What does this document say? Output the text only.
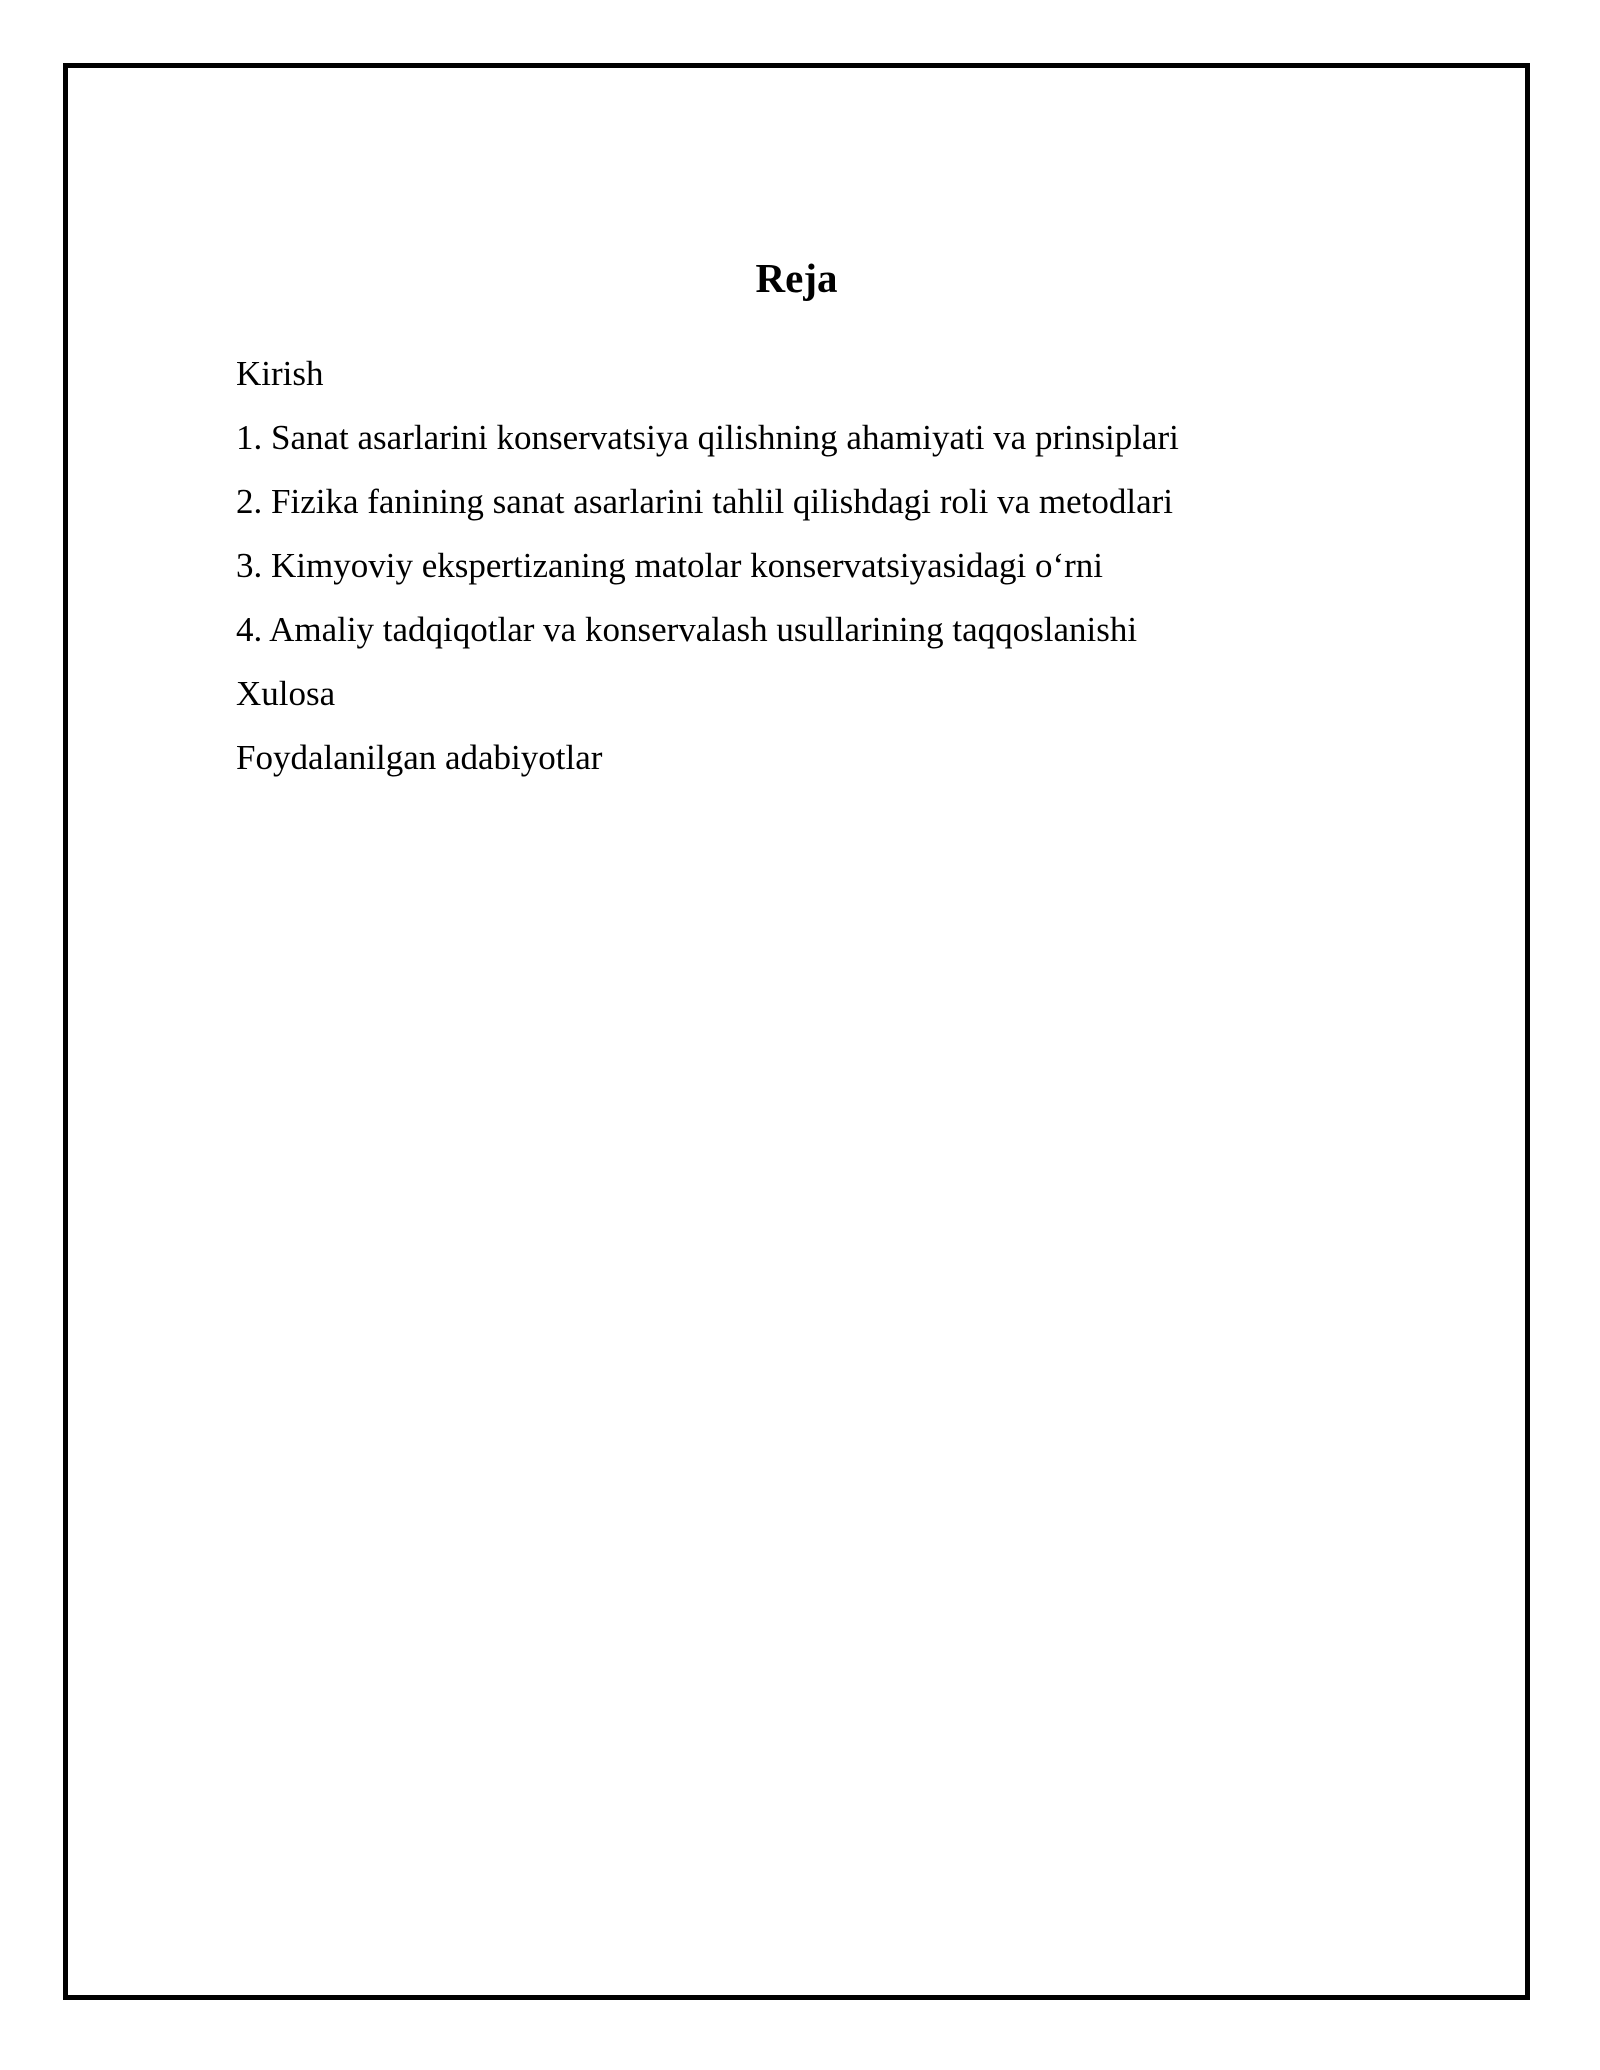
Reja
Kirish
1. Sanat asarlarini konservatsiya qilishning ahamiyati va prinsiplari
2. Fizika fanining sanat asarlarini tahlil qilishdagi roli va metodlari
3. Kimyoviy ekspertizaning matolar konservatsiyasidagi o‘rni
4. Amaliy tadqiqotlar va konservalash usullarining taqqoslanishi
Xulosa
Foydalanilgan adabiyotlar
